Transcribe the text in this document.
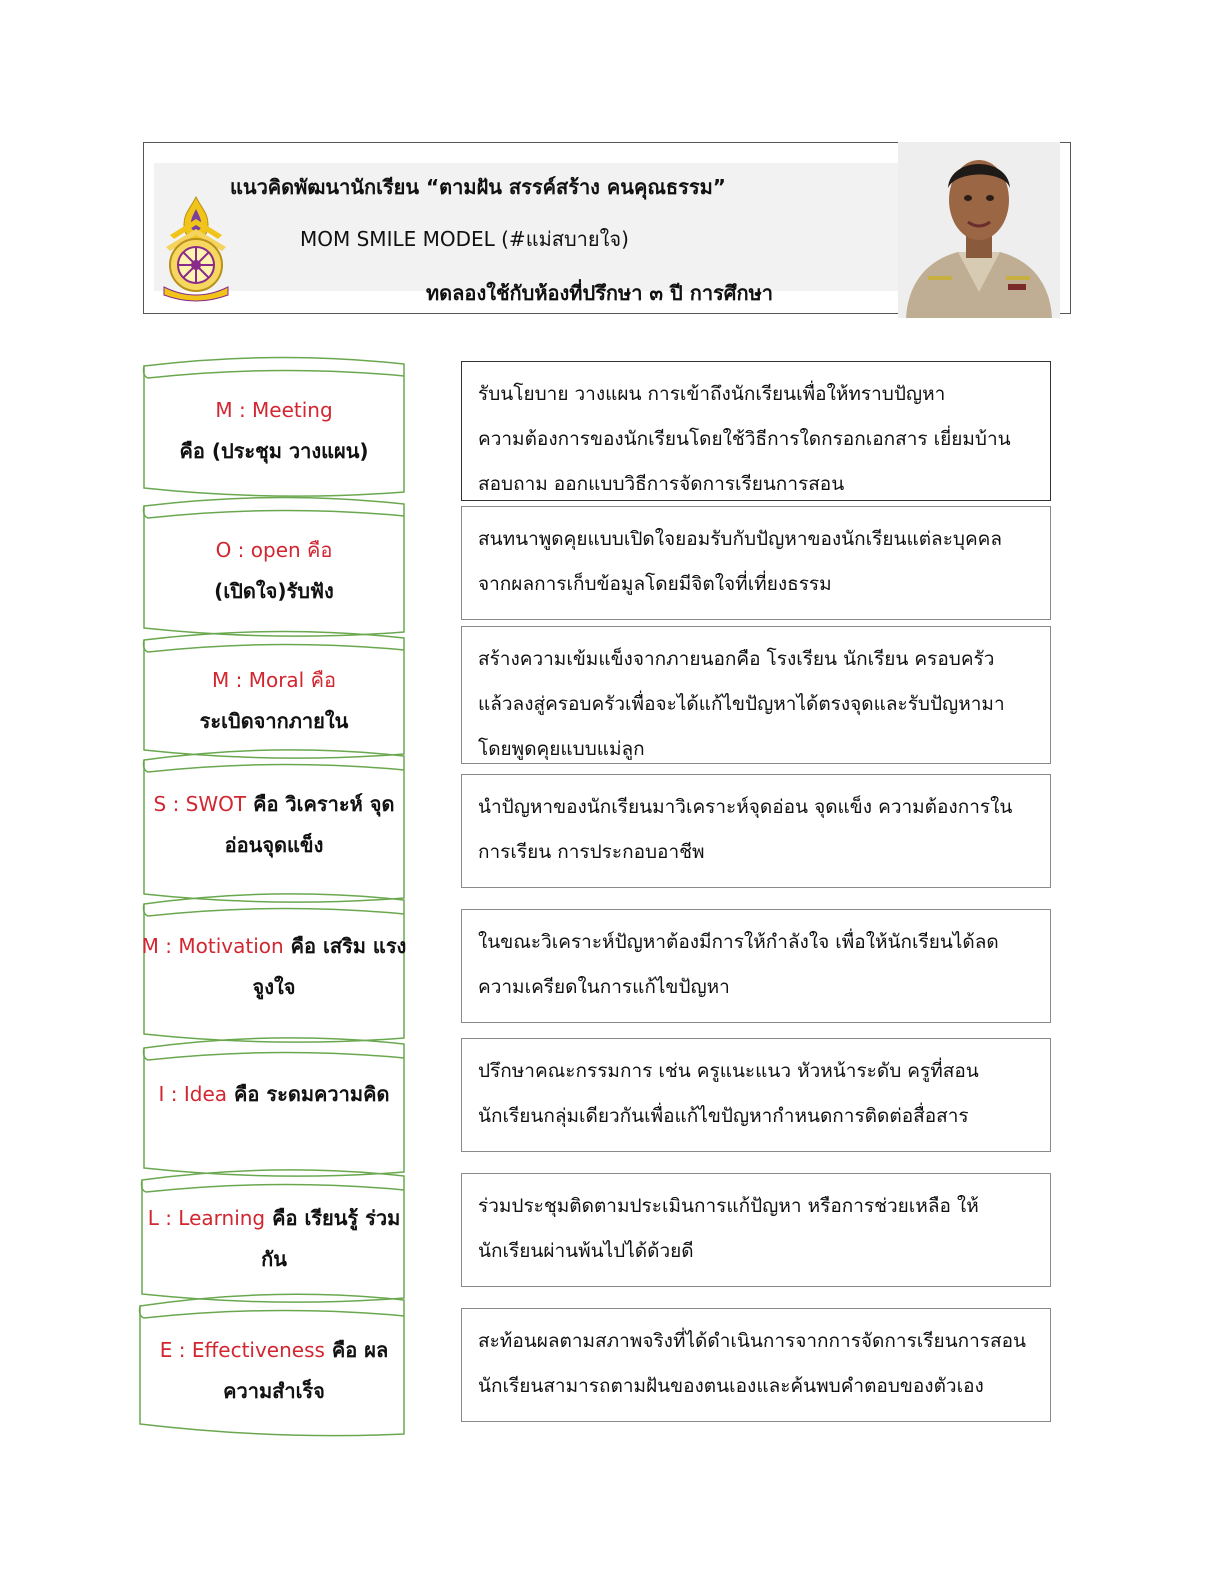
แนวคิดพัฒนานักเรียน “ตามฝัน สรรค์สร้าง คนคุณธรรม”
MOM SMILE MODEL (#แม่สบายใจ)
ทดลองใช้กับห้องที่ปรึกษา ๓ ปี การศึกษา
M : Meeting
คือ (ประชุม วางแผน)
รับนโยบาย วางแผน การเข้าถึงนักเรียนเพื่อให้ทราบปัญหา
ความต้องการของนักเรียนโดยใช้วิธีการใดกรอกเอกสาร เยี่ยมบ้าน
สอบถาม ออกแบบวิธีการจัดการเรียนการสอน
O : open คือ
(เปิดใจ)รับฟัง
สนทนาพูดคุยแบบเปิดใจยอมรับกับปัญหาของนักเรียนแต่ละบุคคล
จากผลการเก็บข้อมูลโดยมีจิตใจที่เที่ยงธรรม
M : Moral คือ
ระเบิดจากภายใน
สร้างความเข้มแข็งจากภายนอกคือ โรงเรียน นักเรียน ครอบครัว
แล้วลงสู่ครอบครัวเพื่อจะได้แก้ไขปัญหาได้ตรงจุดและรับปัญหามา
โดยพูดคุยแบบแม่ลูก
S : SWOT คือ วิเคราะห์ จุดอ่อนจุดแข็ง
นำปัญหาของนักเรียนมาวิเคราะห์จุดอ่อน จุดแข็ง ความต้องการใน
การเรียน การประกอบอาชีพ
M : Motivation คือ เสริม แรงจูงใจ
ในขณะวิเคราะห์ปัญหาต้องมีการให้กำลังใจ เพื่อให้นักเรียนได้ลด
ความเครียดในการแก้ไขปัญหา
I : Idea คือ ระดมความคิด
ปรึกษาคณะกรรมการ เช่น ครูแนะแนว หัวหน้าระดับ ครูที่สอน
นักเรียนกลุ่มเดียวกันเพื่อแก้ไขปัญหากำหนดการติดต่อสื่อสาร
L : Learning คือ เรียนรู้ ร่วมกัน
ร่วมประชุมติดตามประเมินการแก้ปัญหา หรือการช่วยเหลือ ให้
นักเรียนผ่านพ้นไปได้ด้วยดี
E : Effectiveness คือ ผล ความสำเร็จ
สะท้อนผลตามสภาพจริงที่ได้ดำเนินการจากการจัดการเรียนการสอน
นักเรียนสามารถตามฝันของตนเองและค้นพบคำตอบของตัวเอง
